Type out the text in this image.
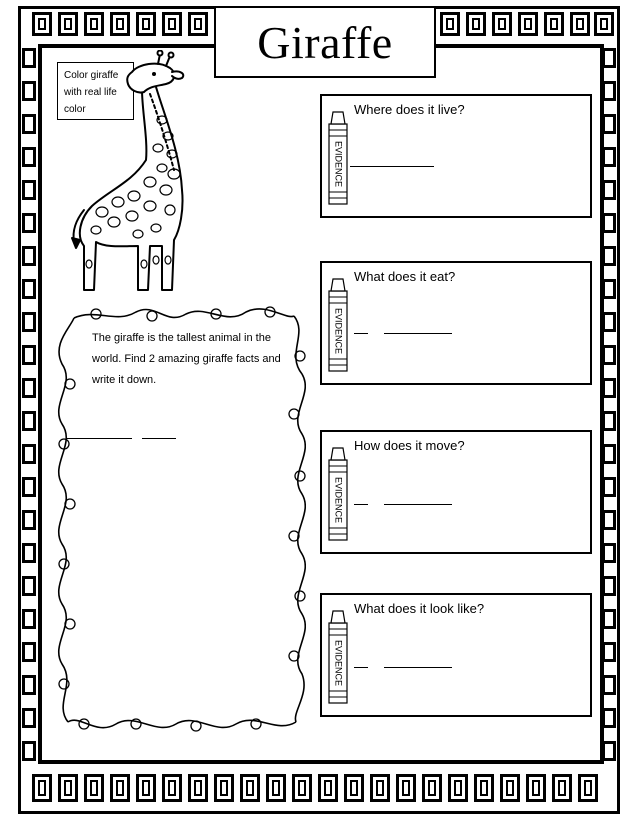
Giraffe
Color giraffe with real life color
The giraffe is the tallest animal in the world. Find 2 amazing giraffe facts and write it down.
EVIDENCE
Where does it live?
EVIDENCE
What does it eat?
EVIDENCE
How does it move?
EVIDENCE
What does it look like?
